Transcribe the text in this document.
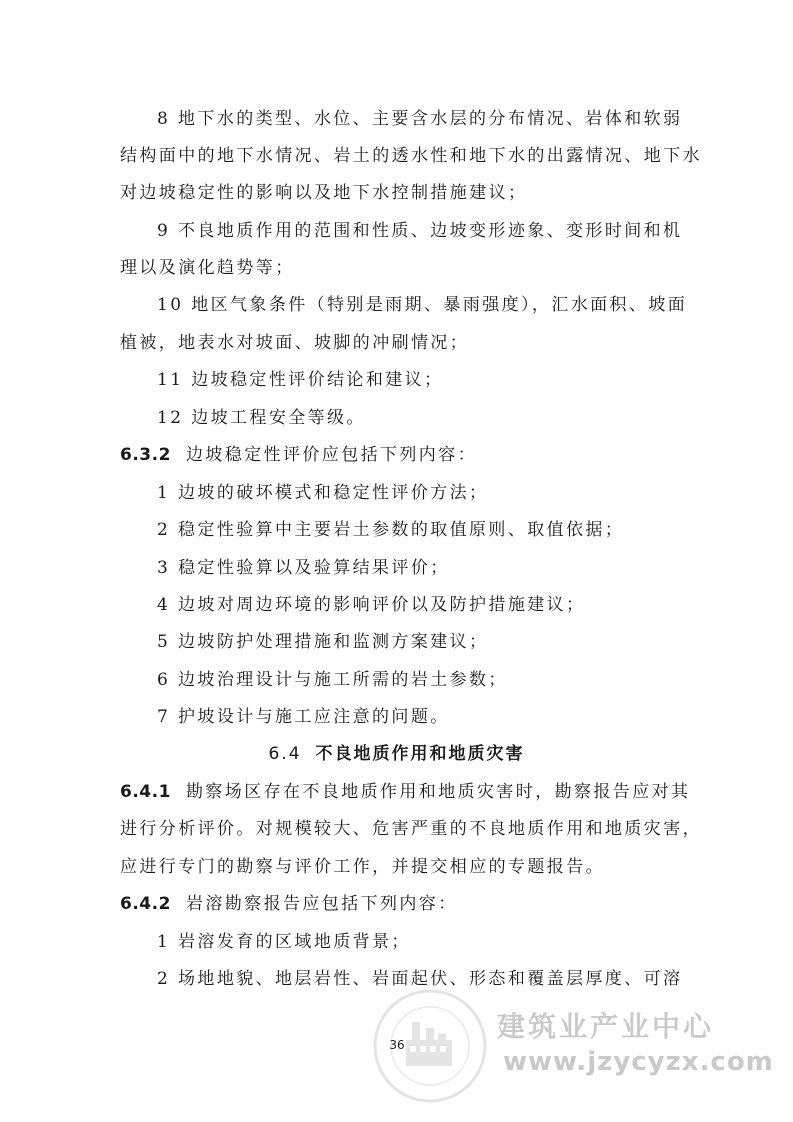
8 地下水的类型、水位、主要含水层的分布情况、岩体和软弱
结构面中的地下水情况、岩土的透水性和地下水的出露情况、地下水
对边坡稳定性的影响以及地下水控制措施建议；
9 不良地质作用的范围和性质、边坡变形迹象、变形时间和机
理以及演化趋势等；
10 地区气象条件（特别是雨期、暴雨强度），汇水面积、坡面
植被，地表水对坡面、坡脚的冲刷情况；
11 边坡稳定性评价结论和建议；
12 边坡工程安全等级。
6.3.2 边坡稳定性评价应包括下列内容：
1 边坡的破坏模式和稳定性评价方法；
2 稳定性验算中主要岩土参数的取值原则、取值依据；
3 稳定性验算以及验算结果评价；
4 边坡对周边环境的影响评价以及防护措施建议；
5 边坡防护处理措施和监测方案建议；
6 边坡治理设计与施工所需的岩土参数；
7 护坡设计与施工应注意的问题。
6.4 不良地质作用和地质灾害
6.4.1 勘察场区存在不良地质作用和地质灾害时，勘察报告应对其
进行分析评价。对规模较大、危害严重的不良地质作用和地质灾害，
应进行专门的勘察与评价工作，并提交相应的专题报告。
6.4.2 岩溶勘察报告应包括下列内容：
1 岩溶发育的区域地质背景；
2 场地地貌、地层岩性、岩面起伏、形态和覆盖层厚度、可溶
建筑业产业中心
www.jzycyzx.com
36
